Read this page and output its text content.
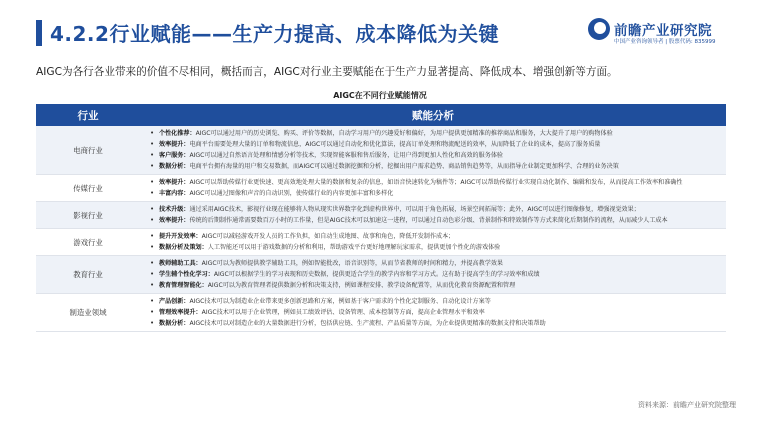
4.2.2行业赋能——生产力提高、成本降低为关键	前瞻产业研究院
中国产业咨询领导者 | 股票代码: 835999
AIGC为各行各业带来的价值不尽相同，概括而言，AIGC对行业主要赋能在于生产力显著提高、降低成本、增强创新等方面。
AIGC在不同行业赋能情况
行业	赋能分析
电商行业
• 个性化推荐：AIGC可以通过用户的历史浏览、购买、评价等数据，自动学习用户的兴趣爱好和偏好，为用户提供更加精准的推荐商品和服务，大大提升了用户的购物体验
• 效率提升：电商平台需要处理大量的订单和物流信息，AIGC可以通过自动化和优化算法，提高订单处理和物流配送的效率，从而降低了企业的成本，提高了服务质量
• 客户服务：AIGC可以通过自然语言处理和情感分析等技术，实现智能客服和售后服务，让用户得到更加人性化和高效的服务体验
• 数据分析：电商平台拥有海量的用户和交易数据，而AIGC可以通过数据挖掘和分析，挖掘出用户需求趋势、商品销售趋势等，从而指导企业制定更加科学、合理的业务决策
传媒行业
• 效率提升：AIGC可以帮助传媒行业更快速、更高效地处理大量的数据和复杂的信息，如语音快速转化为稿件等；AIGC可以帮助传媒行业实现自动化制作、编辑和发布，从而提高工作效率和准确性
• 丰富内容：AIGC可以通过图像和声音的自动识别，使传媒行业的内容更加丰富和多样化
影视行业
• 技术升级：通过采用AIGC技术，影视行业现在能够将人物从现实世界数字化到虚构世界中，可以用于角色拓展，场景空间拓展等；此外，AIGC可以进行图像修复，增强视觉效果；
• 效率提升：传统的后期制作通常需要数百万小时的工作量，但是AIGC技术可以加速这一进程，可以通过自动色彩分级、背景制作和特效制作等方式来简化后期制作的流程，从而减少人工成本
游戏行业
• 提升开发效率：AIGC可以减轻游戏开发人员的工作负担，如自动生成地图、故事和角色，降低开发制作成本；
• 数据分析及策划：人工智能还可以用于游戏数据的分析和利用，帮助游戏平台更好地理解玩家需求，提供更加个性化的游戏体验
教育行业
• 教师辅助工具：AIGC可以为教师提供教学辅助工具，例如智能批改，语音识别等，从而节省教师的时间和精力，并提高教学效果
• 学生辅个性化学习：AIGC可以根据学生的学习表现和历史数据，提供更适合学生的教学内容和学习方式。这有助于提高学生的学习效率和成绩
• 教育管理智能化：AIGC可以为教育管理者提供数据分析和决策支持，例如课程安排、教学设备配置等，从而优化教育资源配置和管理
制造业领域
• 产品创新：AIGC技术可以为制造业企业带来更多创新思路和方案，例如基于客户需求的个性化定制服务、自动化设计方案等
• 管理效率提升：AIGC技术可以用于企业管理，例如员工绩效评估、设备管理、成本控制等方面，提高企业管理水平和效率
• 数据分析：AIGC技术可以对制造企业的大量数据进行分析，包括供应链、生产流程、产品质量等方面，为企业提供更精准的数据支持和决策帮助
资料来源：前瞻产业研究院整理
